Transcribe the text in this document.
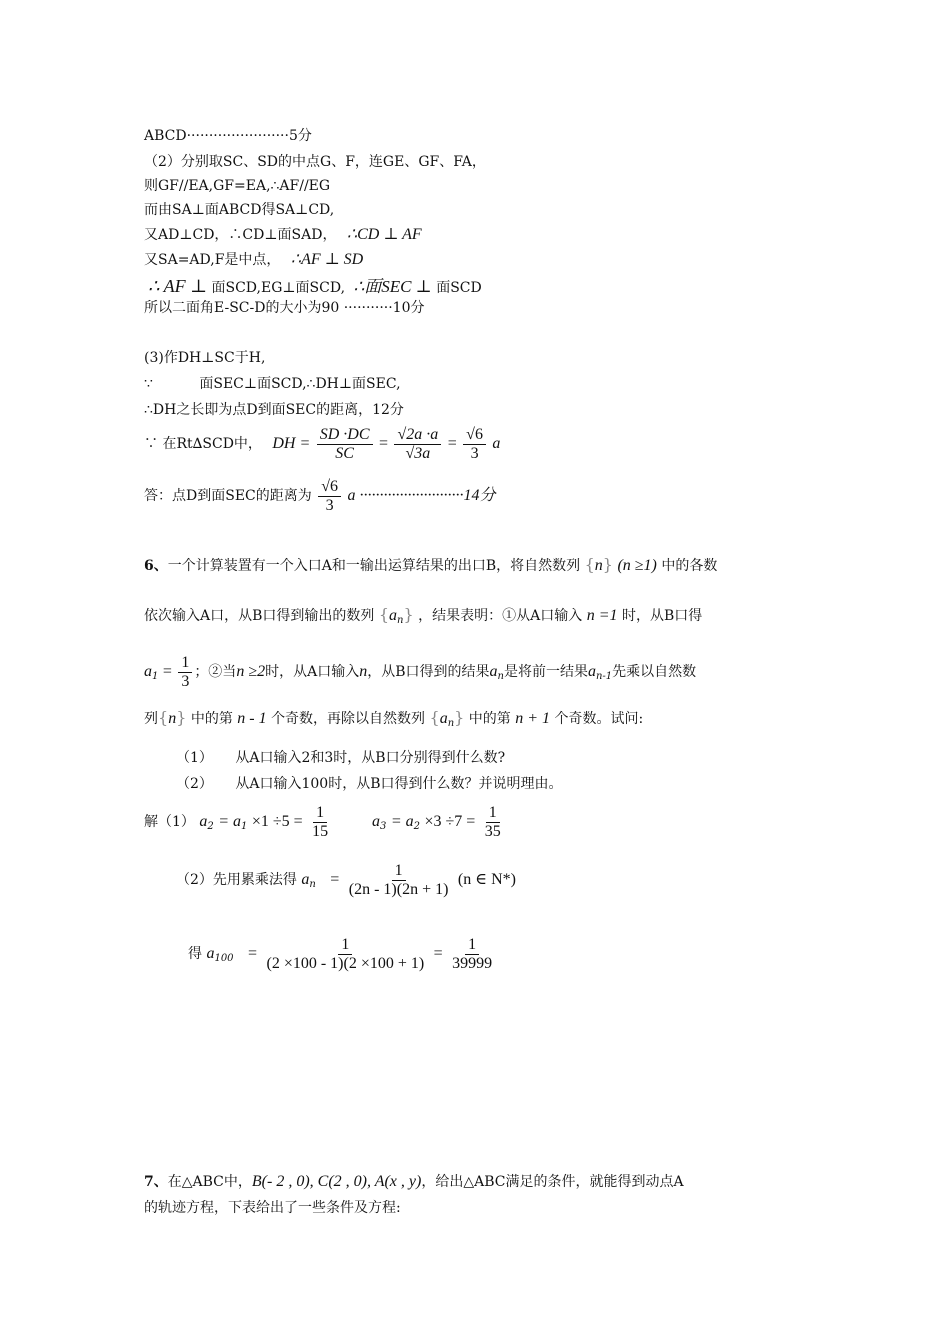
ABCD·······················5分
（2）分别取SC、SD的中点G、F，连GE、GF、FA，
则GF//EA,GF=EA,∴AF//EG
而由SA⊥面ABCD得SA⊥CD,
又AD⊥CD，∴CD⊥面SAD， ∴CD ⊥ AF
又SA=AD,F是中点， ∴AF ⊥ SD
∴ AF ⊥ 面SCD,EG⊥面SCD, ∴面SEC ⊥ 面SCD
所以二面角E-SC-D的大小为90 ···········10分
(3)作DH⊥SC于H,
∵	面SEC⊥面SCD,∴DH⊥面SEC,
∴DH之长即为点D到面SEC的距离，12分
∵ 在Rt∆SCD中， DH = $\frac{SD \cdot DC}{SC} = \frac{√2a \cdot a}{√3a} = \frac{√6}{3}$ a
答：点D到面SEC的距离为 $\frac{√6}{3}$ a ··························14分
6、一个计算装置有一个入口A和一输出运算结果的出口B，将自然数列 {n} (n ≥1) 中的各数
依次输入A口，从B口得到输出的数列 $\{a_n\}$ ，结果表明：①从A口输入 n =1 时，从B口得
$a_1 = \frac{1}{3}$ ；②当n ≥2时，从A口输入n，从B口得到的结果$a_n$是将前一结果$a_{n-1}$先乘以自然数
列{n} 中的第 n - 1 个奇数，再除以自然数列 $\{a_n\}$ 中的第 n + 1 个奇数。试问:
（1） 从A口输入2和3时，从B口分别得到什么数?
（2） 从A口输入100时，从B口得到什么数？并说明理由。
解（1） $a_2 = a_1 \times 1 \div 5 = \frac{1}{15}$	$a_3 = a_2 \times 3 \div 7 = \frac{1}{35}$
（2）先用累乘法得 $a_n = \frac{1}{(2n - 1)(2n + 1)} (n$ ∈ N*)
得 $a_{100} = \frac{1}{(2 \times 100 - 1)(2 \times 100 + 1)} = \frac{1}{39999}$
7、在△ABC中，B(- 2 , 0), C(2 , 0), A(x , y)，给出△ABC满足的条件，就能得到动点A
的轨迹方程，下表给出了一些条件及方程:
